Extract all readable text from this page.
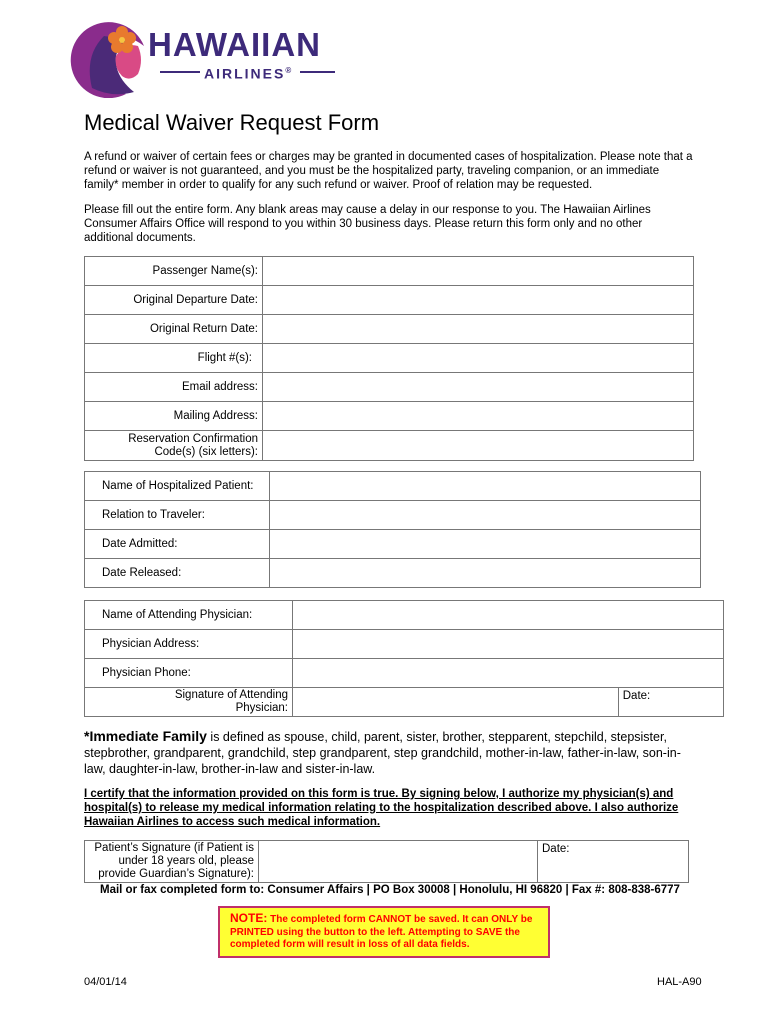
HAWAIIAN
AIRLINES®
Medical Waiver Request Form
A refund or waiver of certain fees or charges may be granted in documented cases of hospitalization. Please note that a refund or waiver is not guaranteed, and you must be the hospitalized party, traveling companion, or an immediate family* member in order to qualify for any such refund or waiver. Proof of relation may be requested.
Please fill out the entire form. Any blank areas may cause a delay in our response to you. The Hawaiian Airlines Consumer Affairs Office will respond to you within 30 business days. Please return this form only and no other additional documents.
Passenger Name(s):	
Original Departure Date:	
Original Return Date:	
Flight #(s):	
Email address:	
Mailing Address:	
Reservation Confirmation Code(s) (six letters):	
Name of Hospitalized Patient:	
Relation to Traveler:	
Date Admitted:	
Date Released:	
Name of Attending Physician:		
Physician Address:		
Physician Phone:		
Signature of Attending Physician:		Date:
*Immediate Family is defined as spouse, child, parent, sister, brother, stepparent, stepchild, stepsister, stepbrother, grandparent, grandchild, step grandparent, step grandchild, mother-in-law, father-in-law, son-in-law, daughter-in-law, brother-in-law and sister-in-law.
I certify that the information provided on this form is true. By signing below, I authorize my physician(s) and hospital(s) to release my medical information relating to the hospitalization described above. I also authorize Hawaiian Airlines to access such medical information.
Patient’s Signature (if Patient is under 18 years old, please provide Guardian’s Signature):		Date:
Mail or fax completed form to: Consumer Affairs | PO Box 30008 | Honolulu, HI 96820 | Fax #: 808-838-6777
NOTE: The completed form CANNOT be saved. It can ONLY be PRINTED using the button to the left. Attempting to SAVE the completed form will result in loss of all data fields.
04/01/14	HAL-A90
